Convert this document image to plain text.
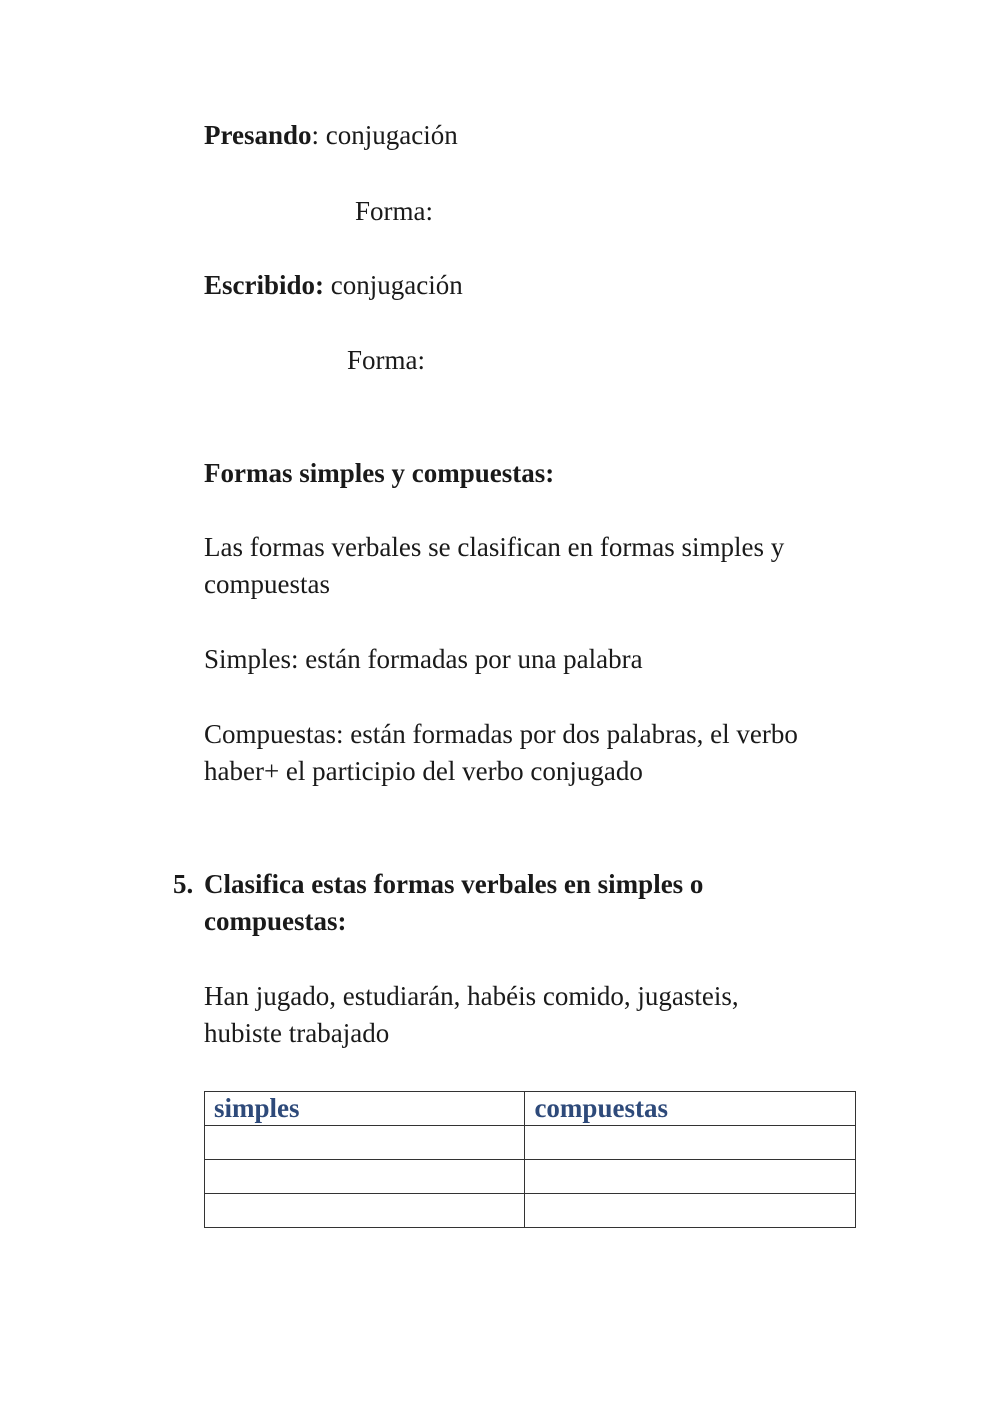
Presando: conjugación

Forma:

Escribido: conjugación

Forma:

Formas simples y compuestas:

Las formas verbales se clasifican en formas simples y

compuestas

Simples: están formadas por una palabra

Compuestas: están formadas por dos palabras, el verbo

haber+ el participio del verbo conjugado

5. Clasifica estas formas verbales en simples o

compuestas:

Han jugado, estudiarán, habéis comido, jugasteis,

hubiste trabajado

simples	compuestas
